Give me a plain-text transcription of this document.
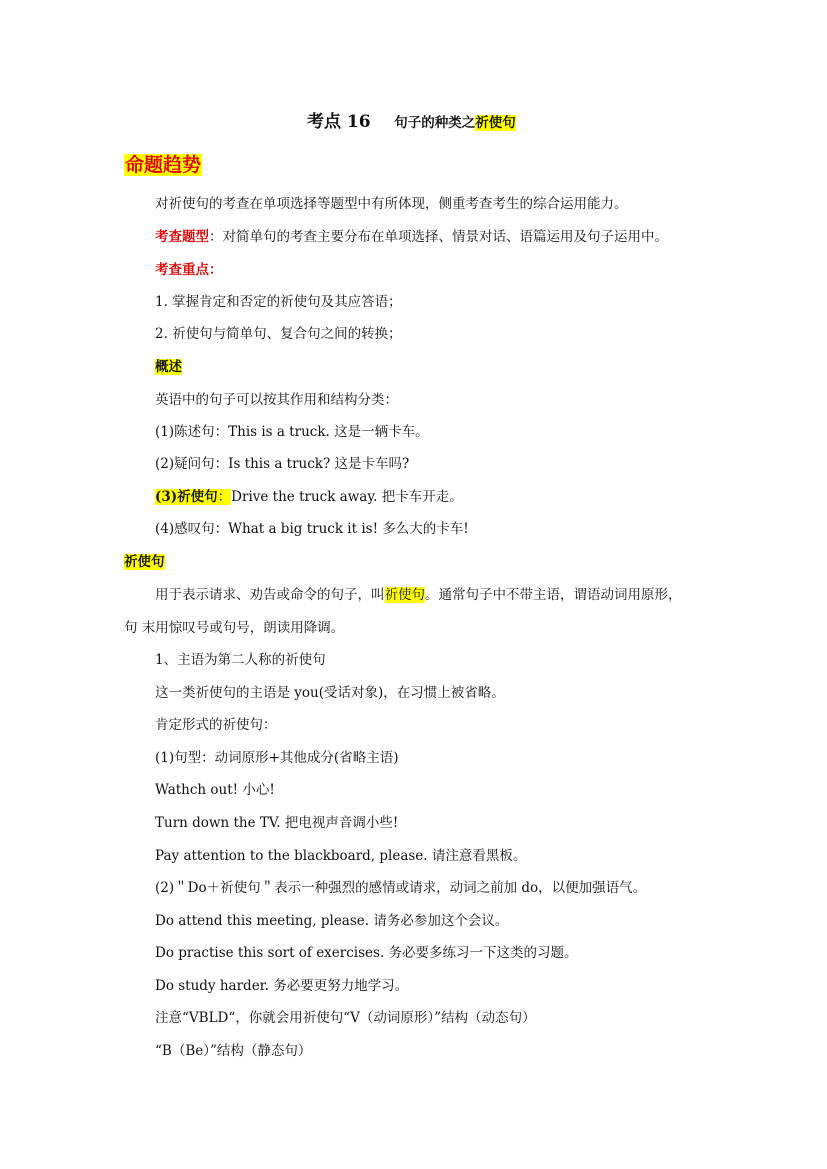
考点 16 句子的种类之祈使句
命题趋势
对祈使句的考查在单项选择等题型中有所体现，侧重考查考生的综合运用能力。
考查题型：对简单句的考查主要分布在单项选择、情景对话、语篇运用及句子运用中。
考查重点：
1. 掌握肯定和否定的祈使句及其应答语；
2. 祈使句与简单句、复合句之间的转换；
概述
英语中的句子可以按其作用和结构分类：
(1)陈述句：This is a truck. 这是一辆卡车。
(2)疑问句：Is this a truck? 这是卡车吗?
(3)祈使句：Drive the truck away. 把卡车开走。
(4)感叹句：What a big truck it is! 多么大的卡车!
祈使句
用于表示请求、劝告或命令的句子，叫祈使句。通常句子中不带主语，谓语动词用原形，
句 末用惊叹号或句号，朗读用降调。
1、主语为第二人称的祈使句
这一类祈使句的主语是 you(受话对象)，在习惯上被省略。
肯定形式的祈使句：
(1)句型：动词原形+其他成分(省略主语)
Wathch out! 小心!
Turn down the TV. 把电视声音调小些!
Pay attention to the blackboard, please. 请注意看黑板。
(2)＂Do＋祈使句＂表示一种强烈的感情或请求，动词之前加 do，以便加强语气。
Do attend this meeting, please. 请务必参加这个会议。
Do practise this sort of exercises. 务必要多练习一下这类的习题。
Do study harder. 务必要更努力地学习。
注意“VBLD“，你就会用祈使句“V（动词原形）”结构（动态句）
“B（Be）”结构（静态句）
